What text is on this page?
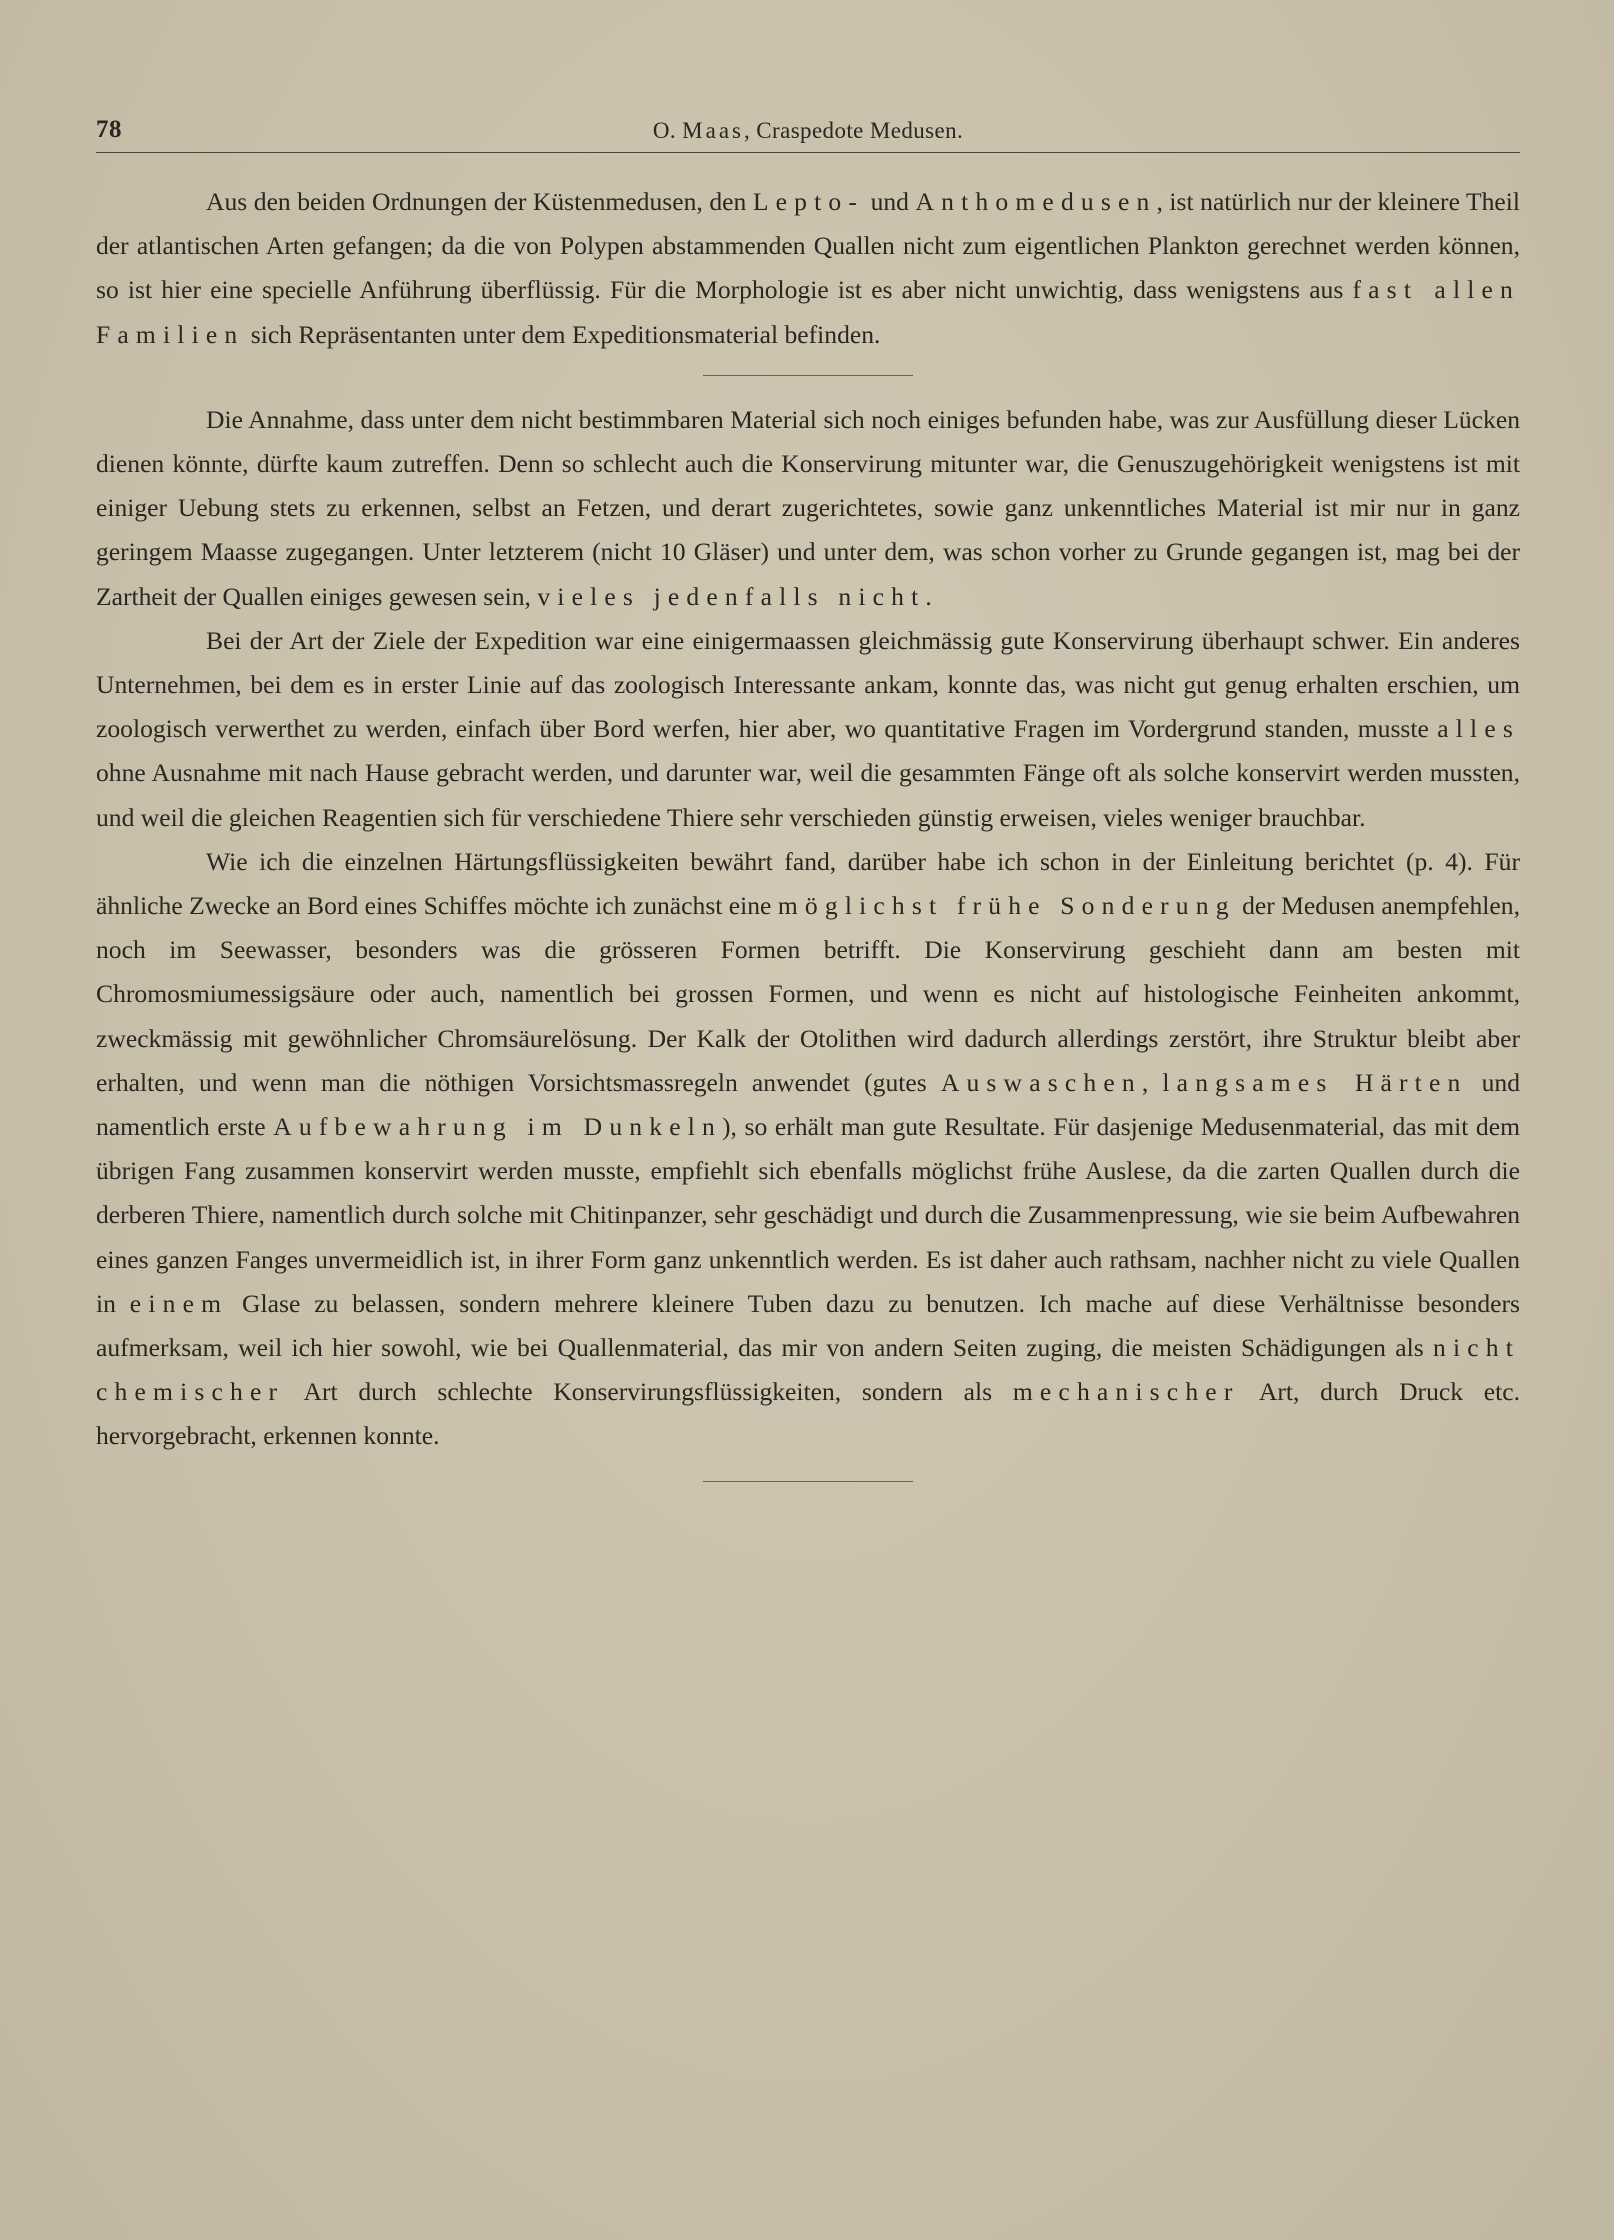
78	O. Maas, Craspedote Medusen.

Aus den beiden Ordnungen der Küstenmedusen, den Lepto- und Anthomedusen, ist natürlich nur der kleinere Theil der atlantischen Arten gefangen; da die von Polypen abstammenden Quallen nicht zum eigentlichen Plankton gerechnet werden können, so ist hier eine specielle Anführung überflüssig. Für die Morphologie ist es aber nicht unwichtig, dass wenigstens aus fast allen Familien sich Repräsentanten unter dem Expeditionsmaterial befinden.

Die Annahme, dass unter dem nicht bestimmbaren Material sich noch einiges befunden habe, was zur Ausfüllung dieser Lücken dienen könnte, dürfte kaum zutreffen. Denn so schlecht auch die Konservirung mitunter war, die Genuszugehörigkeit wenigstens ist mit einiger Uebung stets zu erkennen, selbst an Fetzen, und derart zugerichtetes, sowie ganz unkenntliches Material ist mir nur in ganz geringem Maasse zugegangen. Unter letzterem (nicht 10 Gläser) und unter dem, was schon vorher zu Grunde gegangen ist, mag bei der Zartheit der Quallen einiges gewesen sein, vieles jedenfalls nicht.

Bei der Art der Ziele der Expedition war eine einigermaassen gleichmässig gute Konservirung überhaupt schwer. Ein anderes Unternehmen, bei dem es in erster Linie auf das zoologisch Interessante ankam, konnte das, was nicht gut genug erhalten erschien, um zoologisch verwerthet zu werden, einfach über Bord werfen, hier aber, wo quantitative Fragen im Vordergrund standen, musste alles ohne Ausnahme mit nach Hause gebracht werden, und darunter war, weil die gesammten Fänge oft als solche konservirt werden mussten, und weil die gleichen Reagentien sich für verschiedene Thiere sehr verschieden günstig erweisen, vieles weniger brauchbar.

Wie ich die einzelnen Härtungsflüssigkeiten bewährt fand, darüber habe ich schon in der Einleitung berichtet (p. 4). Für ähnliche Zwecke an Bord eines Schiffes möchte ich zunächst eine möglichst frühe Sonderung der Medusen anempfehlen, noch im Seewasser, besonders was die grösseren Formen betrifft. Die Konservirung geschieht dann am besten mit Chromosmiumessigsäure oder auch, namentlich bei grossen Formen, und wenn es nicht auf histologische Feinheiten ankommt, zweckmässig mit gewöhnlicher Chromsäurelösung. Der Kalk der Otolithen wird dadurch allerdings zerstört, ihre Struktur bleibt aber erhalten, und wenn man die nöthigen Vorsichtsmassregeln anwendet (gutes Auswaschen, langsames Härten und namentlich erste Aufbewahrung im Dunkeln), so erhält man gute Resultate. Für dasjenige Medusenmaterial, das mit dem übrigen Fang zusammen konservirt werden musste, empfiehlt sich ebenfalls möglichst frühe Auslese, da die zarten Quallen durch die derberen Thiere, namentlich durch solche mit Chitinpanzer, sehr geschädigt und durch die Zusammenpressung, wie sie beim Aufbewahren eines ganzen Fanges unvermeidlich ist, in ihrer Form ganz unkenntlich werden. Es ist daher auch rathsam, nachher nicht zu viele Quallen in einem Glase zu belassen, sondern mehrere kleinere Tuben dazu zu benutzen. Ich mache auf diese Verhältnisse besonders aufmerksam, weil ich hier sowohl, wie bei Quallenmaterial, das mir von andern Seiten zuging, die meisten Schädigungen als nicht chemischer Art durch schlechte Konservirungsflüssigkeiten, sondern als mechanischer Art, durch Druck etc. hervorgebracht, erkennen konnte.
